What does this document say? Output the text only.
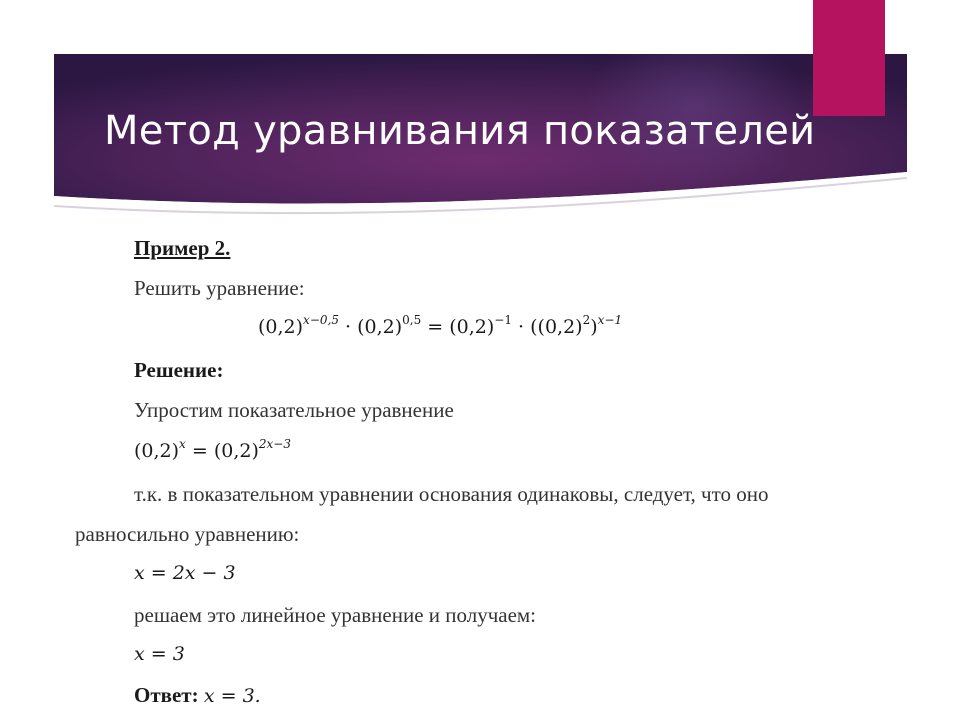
Метод уравнивания показателей
Пример 2.
Решить уравнение:
$(0,2)^{x-0,5} \cdot (0,2)^{0,5} = (0,2)^{-1} \cdot ((0,2)^2)^{x-1}$
Решение:
Упростим показательное уравнение
$(0,2)^x = (0,2)^{2x-3}$
т.к. в показательном уравнении основания одинаковы, следует, что оно
равносильно уравнению:
x = 2x − 3
решаем это линейное уравнение и получаем:
x = 3
Ответ: x = 3.
